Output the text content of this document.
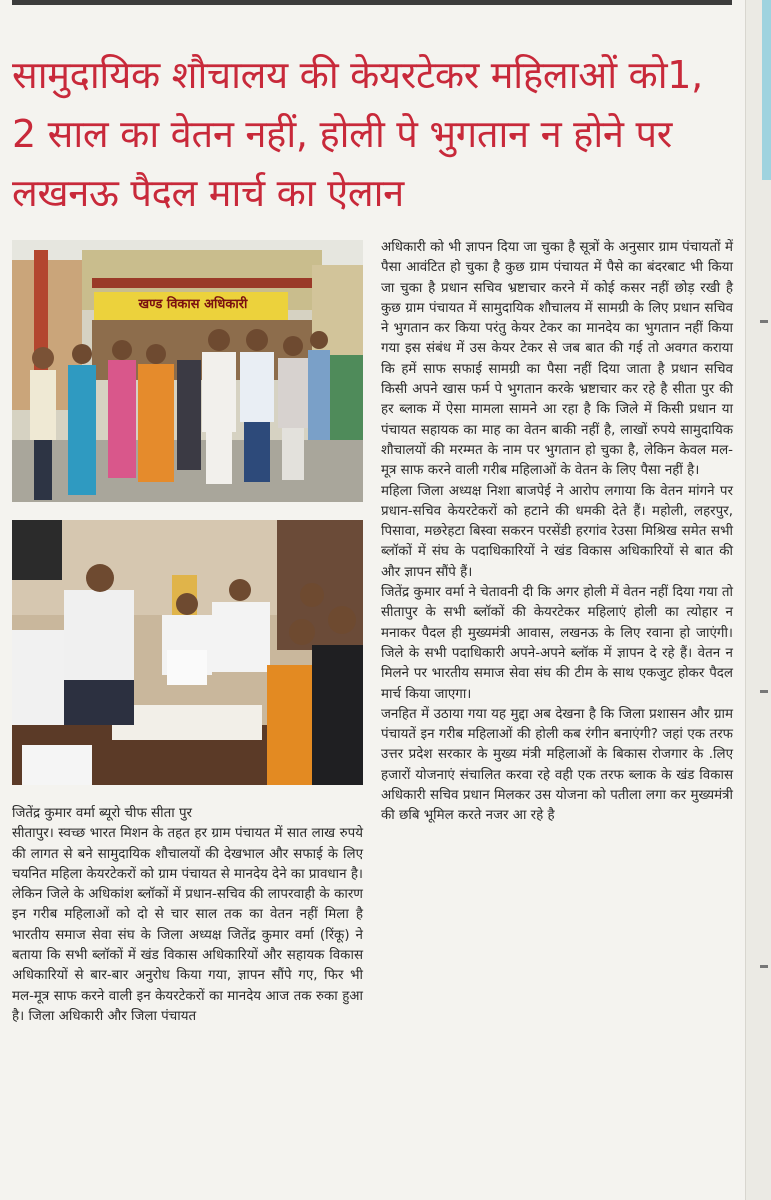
सामुदायिक शौचालय की केयरटेकर महिलाओं को1, 2 साल का वेतन नहीं, होली पे भुगतान न होने पर लखनऊ पैदल मार्च का ऐलान
खण्ड विकास अधिकारी

जितेंद्र कुमार वर्मा ब्यूरो चीफ सीता पुर

सीतापुर। स्वच्छ भारत मिशन के तहत हर ग्राम पंचायत में सात लाख रुपये की लागत से बने सामुदायिक शौचालयों की देखभाल और सफाई के लिए चयनित महिला केयरटेकरों को ग्राम पंचायत से मानदेय देने का प्रावधान है। लेकिन जिले के अधिकांश ब्लॉकों में प्रधान-सचिव की लापरवाही के कारण इन गरीब महिलाओं को दो से चार साल तक का वेतन नहीं मिला है भारतीय समाज सेवा संघ के जिला अध्यक्ष जितेंद्र कुमार वर्मा (रिंकू) ने बताया कि सभी ब्लॉकों में खंड विकास अधिकारियों और सहायक विकास अधिकारियों से बार-बार अनुरोध किया गया, ज्ञापन सौंपे गए, फिर भी मल-मूत्र साफ करने वाली इन केयरटेकरों का मानदेय आज तक रुका हुआ है। जिला अधिकारी और जिला पंचायत

अधिकारी को भी ज्ञापन दिया जा चुका है सूत्रों के अनुसार ग्राम पंचायतों में पैसा आवंटित हो चुका है कुछ ग्राम पंचायत में पैसे का बंदरबाट भी किया जा चुका है प्रधान सचिव भ्रष्टाचार करने में कोई कसर नहीं छोड़ रखी है कुछ ग्राम पंचायत में सामुदायिक शौचालय में सामग्री के लिए प्रधान सचिव ने भुगतान कर किया परंतु केयर टेकर का मानदेय का भुगतान नहीं किया गया इस संबंध में उस केयर टेकर से जब बात की गई तो अवगत कराया कि हमें साफ सफाई सामग्री का पैसा नहीं दिया जाता है प्रधान सचिव किसी अपने खास फर्म पे भुगतान करके भ्रष्टाचार कर रहे है सीता पुर की हर ब्लाक में ऐसा मामला सामने आ रहा है कि जिले में किसी प्रधान या पंचायत सहायक का माह का वेतन बाकी नहीं है, लाखों रुपये सामुदायिक शौचालयों की मरम्मत के नाम पर भुगतान हो चुका है, लेकिन केवल मल-मूत्र साफ करने वाली गरीब महिलाओं के वेतन के लिए पैसा नहीं है।

महिला जिला अध्यक्ष निशा बाजपेई ने आरोप लगाया कि वेतन मांगने पर प्रधान-सचिव केयरटेकरों को हटाने की धमकी देते हैं। महोली, लहरपुर, पिसावा, मछरेहटा बिस्वा सकरन परसेंडी हरगांव रेउसा मिश्रिख समेत सभी ब्लॉकों में संघ के पदाधिकारियों ने खंड विकास अधिकारियों से बात की और ज्ञापन सौंपे हैं।

जितेंद्र कुमार वर्मा ने चेतावनी दी कि अगर होली में वेतन नहीं दिया गया तो सीतापुर के सभी ब्लॉकों की केयरटेकर महिलाएं होली का त्योहार न मनाकर पैदल ही मुख्यमंत्री आवास, लखनऊ के लिए रवाना हो जाएंगी। जिले के सभी पदाधिकारी अपने-अपने ब्लॉक में ज्ञापन दे रहे हैं। वेतन न मिलने पर भारतीय समाज सेवा संघ की टीम के साथ एकजुट होकर पैदल मार्च किया जाएगा।

जनहित में उठाया गया यह मुद्दा अब देखना है कि जिला प्रशासन और ग्राम पंचायतें इन गरीब महिलाओं की होली कब रंगीन बनाएंगी? जहां एक तरफ उत्तर प्रदेश सरकार के मुख्य मंत्री महिलाओं के बिकास रोजगार के .लिए हजारों योजनाएं संचालित करवा रहे वही एक तरफ ब्लाक के खंड विकास अधिकारी सचिव प्रधान मिलकर उस योजना को पतीला लगा कर मुख्यमंत्री की छबि भूमिल करते नजर आ रहे है
